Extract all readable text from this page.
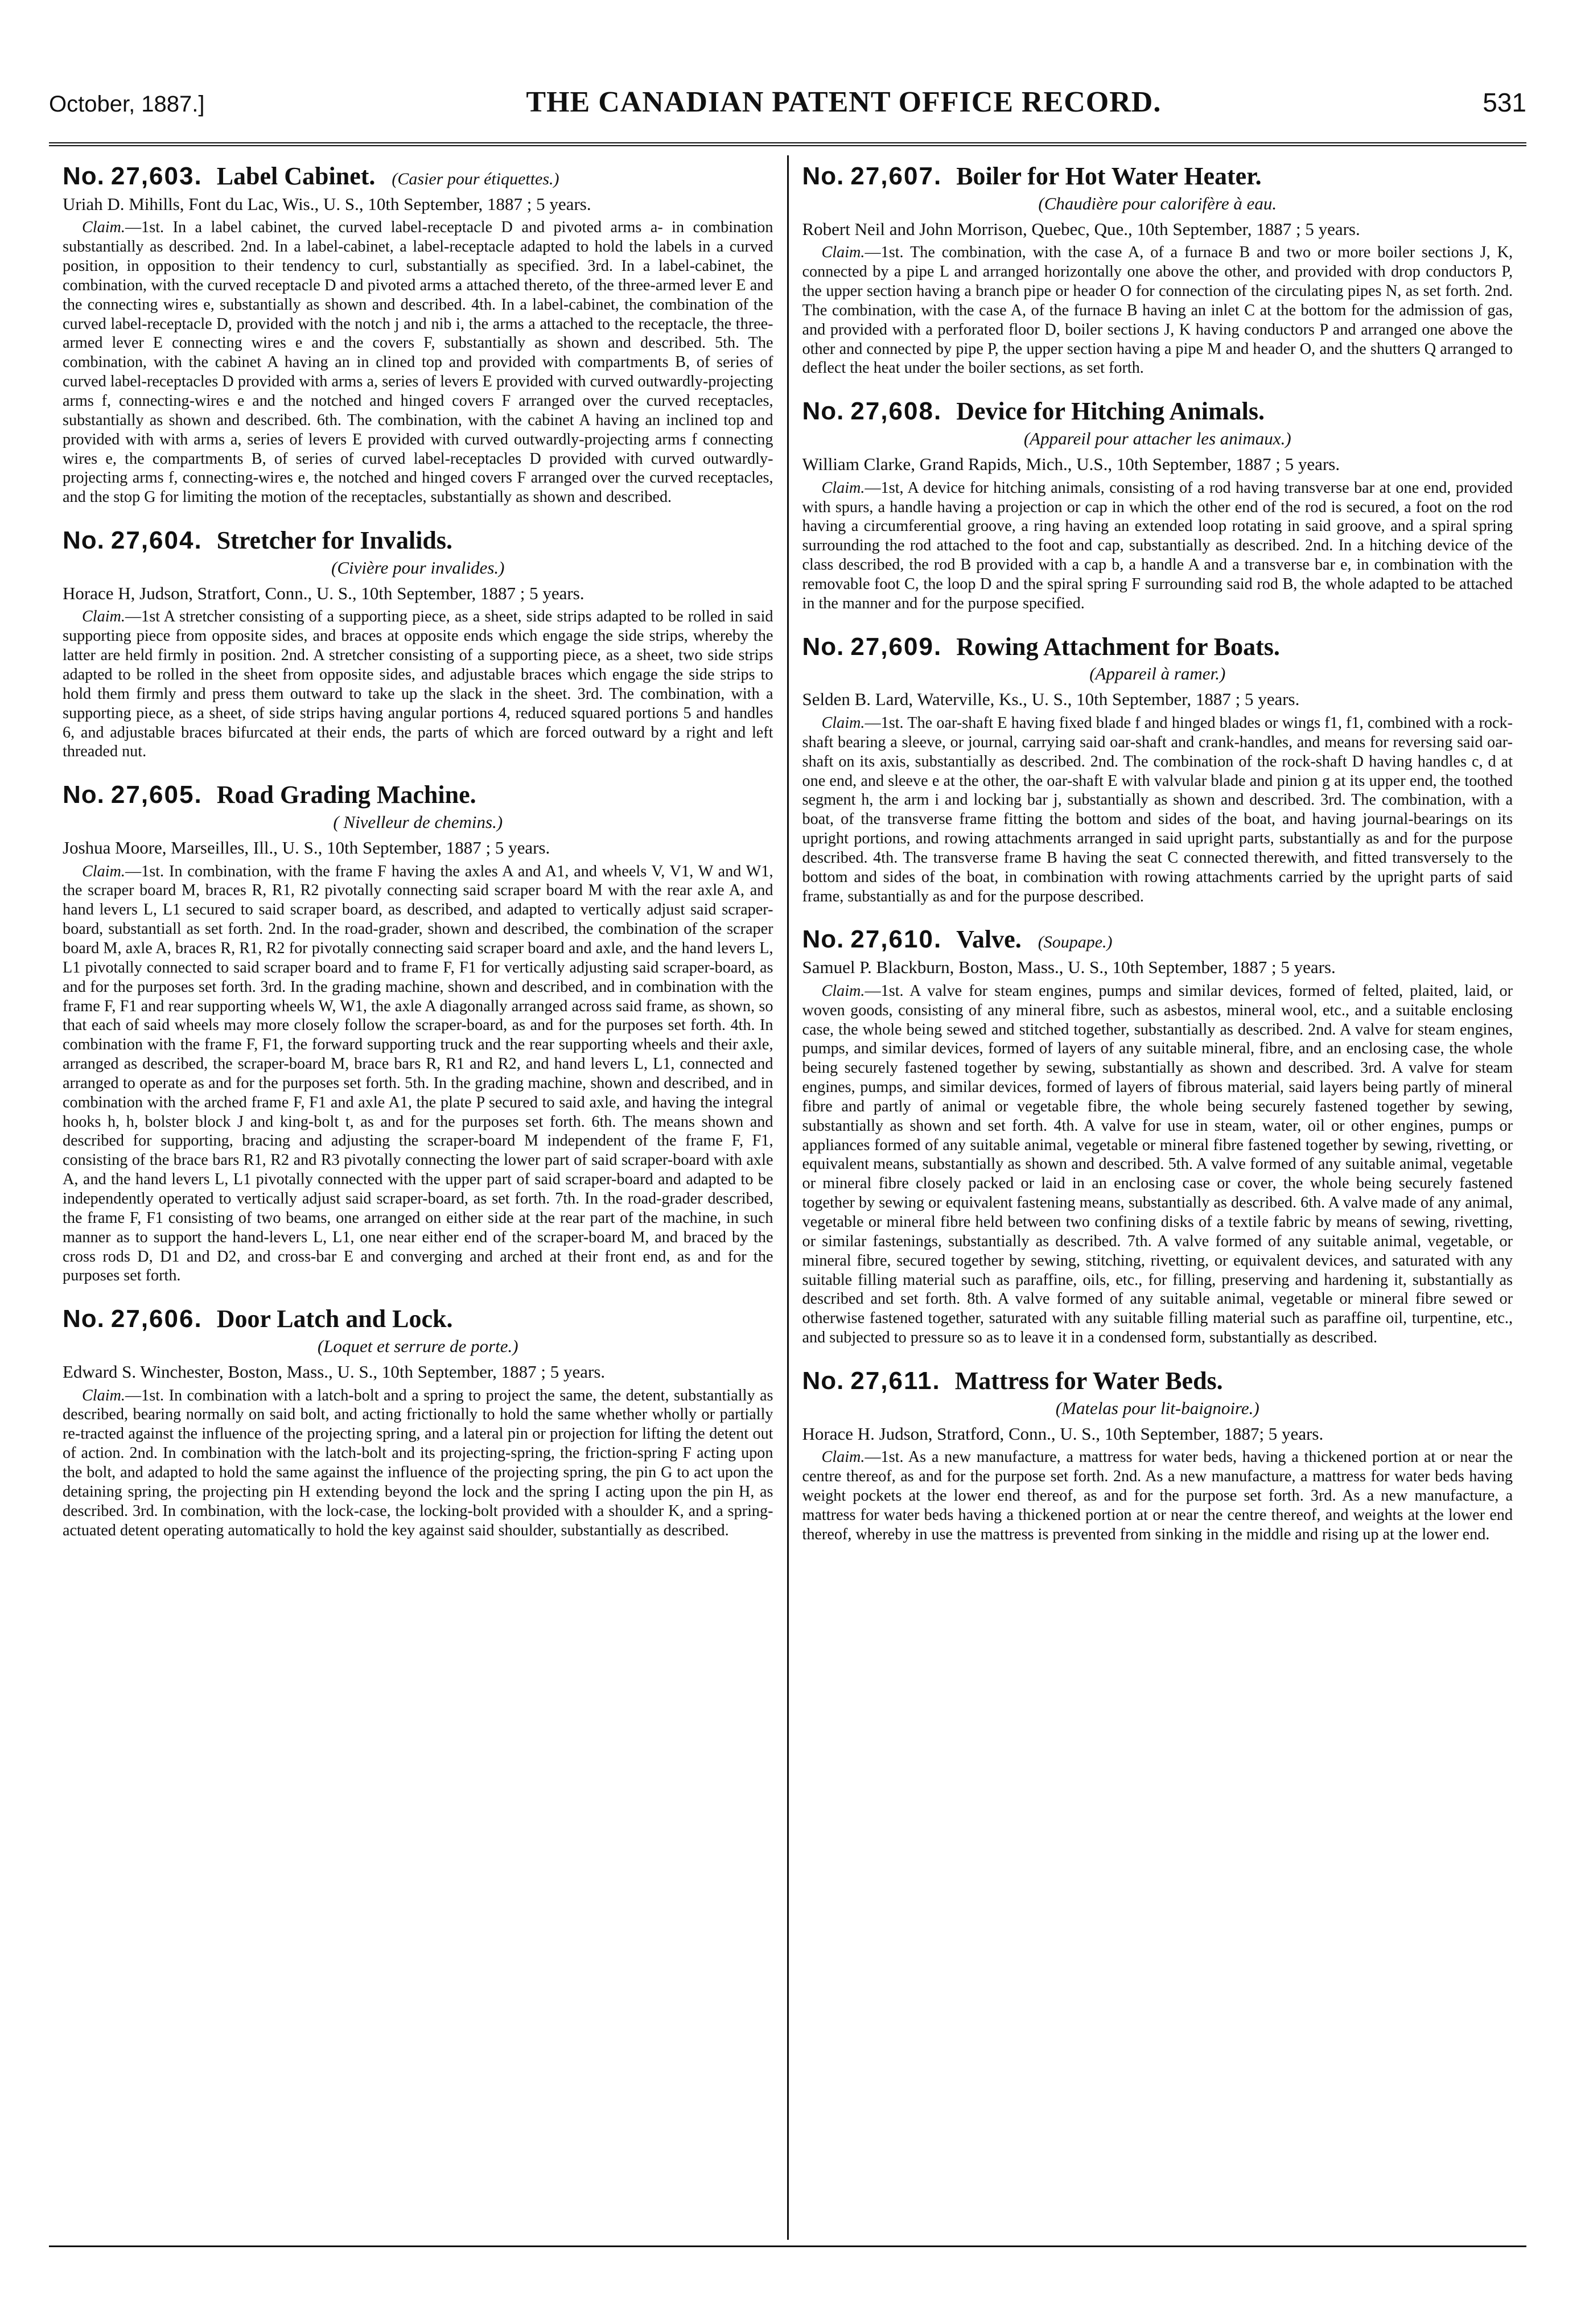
October, 1887.]	THE CANADIAN PATENT OFFICE RECORD.	531
No. 27,603. Label Cabinet. (Casier pour étiquettes.)

Uriah D. Mihills, Font du Lac, Wis., U. S., 10th September, 1887 ; 5 years.

Claim.—1st. In a label cabinet, the curved label-receptacle D and pivoted arms a- in combination substantially as described. 2nd. In a label-cabinet, a label-receptacle adapted to hold the labels in a curved position, in opposition to their tendency to curl, substantially as specified. 3rd. In a label-cabinet, the combination, with the curved receptacle D and pivoted arms a attached thereto, of the three-armed lever E and the connecting wires e, substantially as shown and described. 4th. In a label-cabinet, the combination of the curved label-receptacle D, provided with the notch j and nib i, the arms a attached to the receptacle, the three-armed lever E connecting wires e and the covers F, substantially as shown and described. 5th. The combination, with the cabinet A having an in clined top and provided with compartments B, of series of curved label-receptacles D provided with arms a, series of levers E provided with curved outwardly-projecting arms f, connecting-wires e and the notched and hinged covers F arranged over the curved receptacles, substantially as shown and described. 6th. The combination, with the cabinet A having an inclined top and provided with with arms a, series of levers E provided with curved outwardly-projecting arms f connecting wires e, the compartments B, of series of curved label-receptacles D provided with curved outwardly-projecting arms f, connecting-wires e, the notched and hinged covers F arranged over the curved receptacles, and the stop G for limiting the motion of the receptacles, substantially as shown and described.

No. 27,604. Stretcher for Invalids.
(Civière pour invalides.)

Horace H, Judson, Stratfort, Conn., U. S., 10th September, 1887 ; 5 years.

Claim.—1st A stretcher consisting of a supporting piece, as a sheet, side strips adapted to be rolled in said supporting piece from opposite sides, and braces at opposite ends which engage the side strips, whereby the latter are held firmly in position. 2nd. A stretcher consisting of a supporting piece, as a sheet, two side strips adapted to be rolled in the sheet from opposite sides, and adjustable braces which engage the side strips to hold them firmly and press them outward to take up the slack in the sheet. 3rd. The combination, with a supporting piece, as a sheet, of side strips having angular portions 4, reduced squared portions 5 and handles 6, and adjustable braces bifurcated at their ends, the parts of which are forced outward by a right and left threaded nut.

No. 27,605. Road Grading Machine.
( Nivelleur de chemins.)

Joshua Moore, Marseilles, Ill., U. S., 10th September, 1887 ; 5 years.

Claim.—1st. In combination, with the frame F having the axles A and A1, and wheels V, V1, W and W1, the scraper board M, braces R, R1, R2 pivotally connecting said scraper board M with the rear axle A, and hand levers L, L1 secured to said scraper board, as described, and adapted to vertically adjust said scraper-board, substantiall as set forth. 2nd. In the road-grader, shown and described, the combination of the scraper board M, axle A, braces R, R1, R2 for pivotally connecting said scraper board and axle, and the hand levers L, L1 pivotally connected to said scraper board and to frame F, F1 for vertically adjusting said scraper-board, as and for the purposes set forth. 3rd. In the grading machine, shown and described, and in combination with the frame F, F1 and rear supporting wheels W, W1, the axle A diagonally arranged across said frame, as shown, so that each of said wheels may more closely follow the scraper-board, as and for the purposes set forth. 4th. In combination with the frame F, F1, the forward supporting truck and the rear supporting wheels and their axle, arranged as described, the scraper-board M, brace bars R, R1 and R2, and hand levers L, L1, connected and arranged to operate as and for the purposes set forth. 5th. In the grading machine, shown and described, and in combination with the arched frame F, F1 and axle A1, the plate P secured to said axle, and having the integral hooks h, h, bolster block J and king-bolt t, as and for the purposes set forth. 6th. The means shown and described for supporting, bracing and adjusting the scraper-board M independent of the frame F, F1, consisting of the brace bars R1, R2 and R3 pivotally connecting the lower part of said scraper-board with axle A, and the hand levers L, L1 pivotally connected with the upper part of said scraper-board and adapted to be independently operated to vertically adjust said scraper-board, as set forth. 7th. In the road-grader described, the frame F, F1 consisting of two beams, one arranged on either side at the rear part of the machine, in such manner as to support the hand-levers L, L1, one near either end of the scraper-board M, and braced by the cross rods D, D1 and D2, and cross-bar E and converging and arched at their front end, as and for the purposes set forth.

No. 27,606. Door Latch and Lock.
(Loquet et serrure de porte.)

Edward S. Winchester, Boston, Mass., U. S., 10th September, 1887 ; 5 years.

Claim.—1st. In combination with a latch-bolt and a spring to project the same, the detent, substantially as described, bearing normally on said bolt, and acting frictionally to hold the same whether wholly or partially re-tracted against the influence of the projecting spring, and a lateral pin or projection for lifting the detent out of action. 2nd. In combination with the latch-bolt and its projecting-spring, the friction-spring F acting upon the bolt, and adapted to hold the same against the influence of the projecting spring, the pin G to act upon the detaining spring, the projecting pin H extending beyond the lock and the spring I acting upon the pin H, as described. 3rd. In combination, with the lock-case, the locking-bolt provided with a shoulder K, and a spring-actuated detent operating automatically to hold the key against said shoulder, substantially as described.

No. 27,607. Boiler for Hot Water Heater.
(Chaudière pour calorifère à eau.

Robert Neil and John Morrison, Quebec, Que., 10th September, 1887 ; 5 years.

Claim.—1st. The combination, with the case A, of a furnace B and two or more boiler sections J, K, connected by a pipe L and arranged horizontally one above the other, and provided with drop conductors P, the upper section having a branch pipe or header O for connection of the circulating pipes N, as set forth. 2nd. The combination, with the case A, of the furnace B having an inlet C at the bottom for the admission of gas, and provided with a perforated floor D, boiler sections J, K having conductors P and arranged one above the other and connected by pipe P, the upper section having a pipe M and header O, and the shutters Q arranged to deflect the heat under the boiler sections, as set forth.

No. 27,608. Device for Hitching Animals.
(Appareil pour attacher les animaux.)

William Clarke, Grand Rapids, Mich., U.S., 10th September, 1887 ; 5 years.

Claim.—1st, A device for hitching animals, consisting of a rod having transverse bar at one end, provided with spurs, a handle having a projection or cap in which the other end of the rod is secured, a foot on the rod having a circumferential groove, a ring having an extended loop rotating in said groove, and a spiral spring surrounding the rod attached to the foot and cap, substantially as described. 2nd. In a hitching device of the class described, the rod B provided with a cap b, a handle A and a transverse bar e, in combination with the removable foot C, the loop D and the spiral spring F surrounding said rod B, the whole adapted to be attached in the manner and for the purpose specified.

No. 27,609. Rowing Attachment for Boats.
(Appareil à ramer.)

Selden B. Lard, Waterville, Ks., U. S., 10th September, 1887 ; 5 years.

Claim.—1st. The oar-shaft E having fixed blade f and hinged blades or wings f1, f1, combined with a rock-shaft bearing a sleeve, or journal, carrying said oar-shaft and crank-handles, and means for reversing said oar-shaft on its axis, substantially as described. 2nd. The combination of the rock-shaft D having handles c, d at one end, and sleeve e at the other, the oar-shaft E with valvular blade and pinion g at its upper end, the toothed segment h, the arm i and locking bar j, substantially as shown and described. 3rd. The combination, with a boat, of the transverse frame fitting the bottom and sides of the boat, and having journal-bearings on its upright portions, and rowing attachments arranged in said upright parts, substantially as and for the purpose described. 4th. The transverse frame B having the seat C connected therewith, and fitted transversely to the bottom and sides of the boat, in combination with rowing attachments carried by the upright parts of said frame, substantially as and for the purpose described.

No. 27,610. Valve. (Soupape.)

Samuel P. Blackburn, Boston, Mass., U. S., 10th September, 1887 ; 5 years.

Claim.—1st. A valve for steam engines, pumps and similar devices, formed of felted, plaited, laid, or woven goods, consisting of any mineral fibre, such as asbestos, mineral wool, etc., and a suitable enclosing case, the whole being sewed and stitched together, substantially as described. 2nd. A valve for steam engines, pumps, and similar devices, formed of layers of any suitable mineral, fibre, and an enclosing case, the whole being securely fastened together by sewing, substantially as shown and described. 3rd. A valve for steam engines, pumps, and similar devices, formed of layers of fibrous material, said layers being partly of mineral fibre and partly of animal or vegetable fibre, the whole being securely fastened together by sewing, substantially as shown and set forth. 4th. A valve for use in steam, water, oil or other engines, pumps or appliances formed of any suitable animal, vegetable or mineral fibre fastened together by sewing, rivetting, or equivalent means, substantially as shown and described. 5th. A valve formed of any suitable animal, vegetable or mineral fibre closely packed or laid in an enclosing case or cover, the whole being securely fastened together by sewing or equivalent fastening means, substantially as described. 6th. A valve made of any animal, vegetable or mineral fibre held between two confining disks of a textile fabric by means of sewing, rivetting, or similar fastenings, substantially as described. 7th. A valve formed of any suitable animal, vegetable, or mineral fibre, secured together by sewing, stitching, rivetting, or equivalent devices, and saturated with any suitable filling material such as paraffine, oils, etc., for filling, preserving and hardening it, substantially as described and set forth. 8th. A valve formed of any suitable animal, vegetable or mineral fibre sewed or otherwise fastened together, saturated with any suitable filling material such as paraffine oil, turpentine, etc., and subjected to pressure so as to leave it in a condensed form, substantially as described.

No. 27,611. Mattress for Water Beds.
(Matelas pour lit-baignoire.)

Horace H. Judson, Stratford, Conn., U. S., 10th September, 1887; 5 years.

Claim.—1st. As a new manufacture, a mattress for water beds, having a thickened portion at or near the centre thereof, as and for the purpose set forth. 2nd. As a new manufacture, a mattress for water beds having weight pockets at the lower end thereof, as and for the purpose set forth. 3rd. As a new manufacture, a mattress for water beds having a thickened portion at or near the centre thereof, and weights at the lower end thereof, whereby in use the mattress is prevented from sinking in the middle and rising up at the lower end.
